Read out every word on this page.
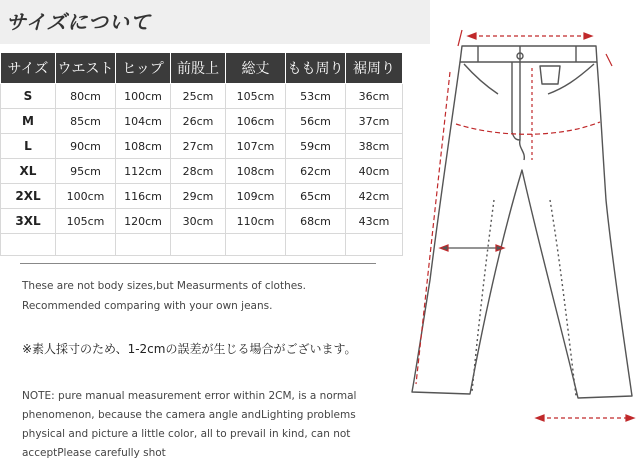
サイズについて
サイズ	ウエスト	ヒップ	前股上	総丈	もも周り	裾周り
S	80cm	100cm	25cm	105cm	53cm	36cm
M	85cm	104cm	26cm	106cm	56cm	37cm
L	90cm	108cm	27cm	107cm	59cm	38cm
XL	95cm	112cm	28cm	108cm	62cm	40cm
2XL	100cm	116cm	29cm	109cm	65cm	42cm
3XL	105cm	120cm	30cm	110cm	68cm	43cm

These are not body sizes,but Measurments of clothes.
Recommended comparing with your own jeans.
※素人採寸のため、1-2cmの誤差が生じる場合がございます。
NOTE: pure manual measurement error within 2CM, is a normal
phenomenon, because the camera angle andLighting problems
physical and picture a little color, all to prevail in kind, can not
acceptPlease carefully shot
